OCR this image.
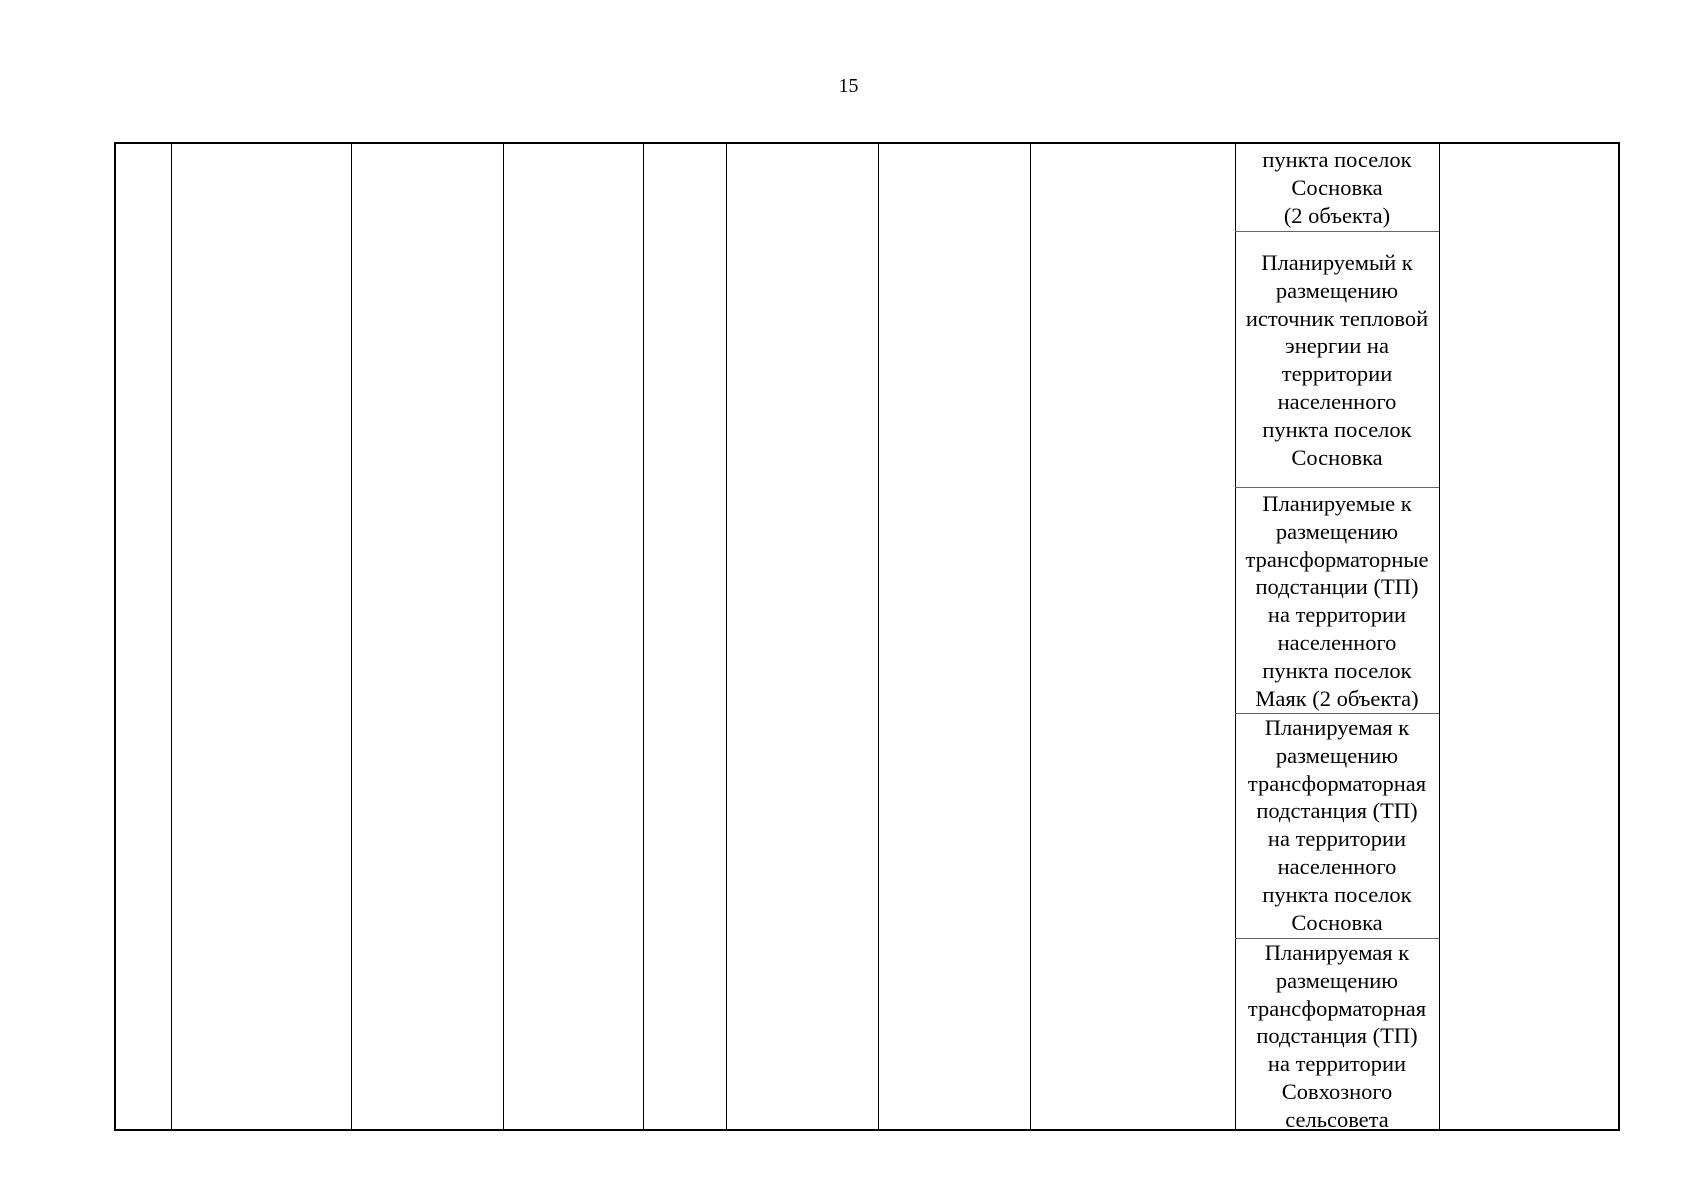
15
пункта поселок
Сосновка
(2 объекта)
Планируемый к
размещению
источник тепловой
энергии на
территории
населенного
пункта поселок
Сосновка
Планируемые к
размещению
трансформаторные
подстанции (ТП)
на территории
населенного
пункта поселок
Маяк (2 объекта)
Планируемая к
размещению
трансформаторная
подстанция (ТП)
на территории
населенного
пункта поселок
Сосновка
Планируемая к
размещению
трансформаторная
подстанция (ТП)
на территории
Совхозного
сельсовета
